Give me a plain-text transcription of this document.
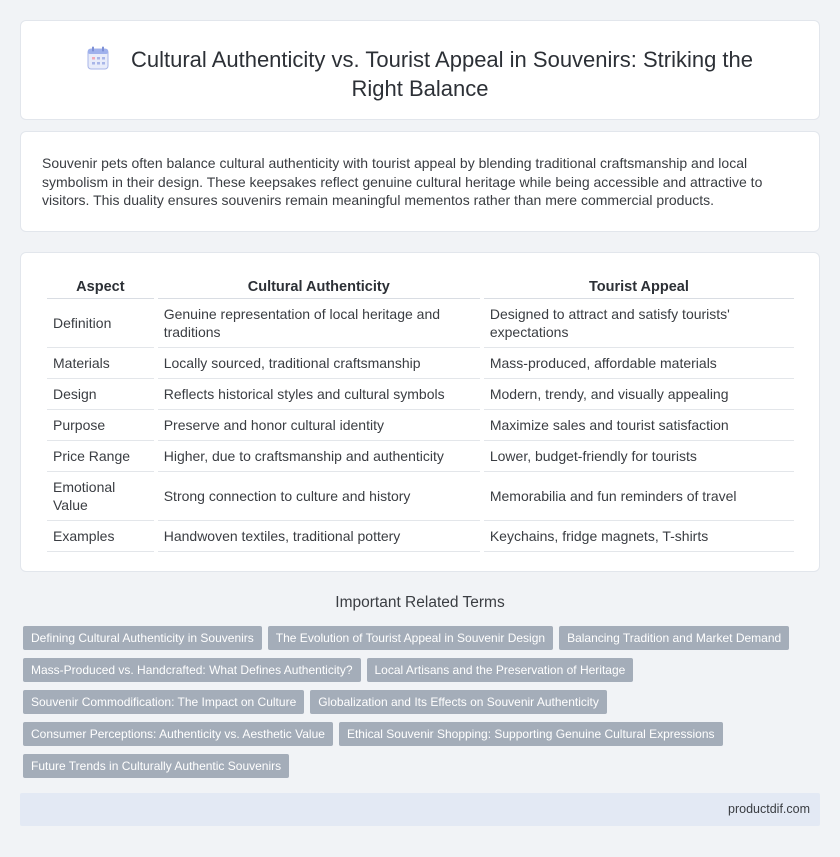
Cultural Authenticity vs. Tourist Appeal in Souvenirs: Striking the Right Balance

Souvenir pets often balance cultural authenticity with tourist appeal by blending traditional craftsmanship and local symbolism in their design. These keepsakes reflect genuine cultural heritage while being accessible and attractive to visitors. This duality ensures souvenirs remain meaningful mementos rather than mere commercial products.

Aspect	Cultural Authenticity	Tourist Appeal
Definition	Genuine representation of local heritage and traditions	Designed to attract and satisfy tourists' expectations
Materials	Locally sourced, traditional craftsmanship	Mass-produced, affordable materials
Design	Reflects historical styles and cultural symbols	Modern, trendy, and visually appealing
Purpose	Preserve and honor cultural identity	Maximize sales and tourist satisfaction
Price Range	Higher, due to craftsmanship and authenticity	Lower, budget-friendly for tourists
Emotional Value	Strong connection to culture and history	Memorabilia and fun reminders of travel
Examples	Handwoven textiles, traditional pottery	Keychains, fridge magnets, T-shirts
Important Related Terms
Defining Cultural Authenticity in Souvenirs	The Evolution of Tourist Appeal in Souvenir Design	Balancing Tradition and Market Demand
Mass-Produced vs. Handcrafted: What Defines Authenticity?	Local Artisans and the Preservation of Heritage
Souvenir Commodification: The Impact on Culture	Globalization and Its Effects on Souvenir Authenticity
Consumer Perceptions: Authenticity vs. Aesthetic Value	Ethical Souvenir Shopping: Supporting Genuine Cultural Expressions
Future Trends in Culturally Authentic Souvenirs
productdif.com
